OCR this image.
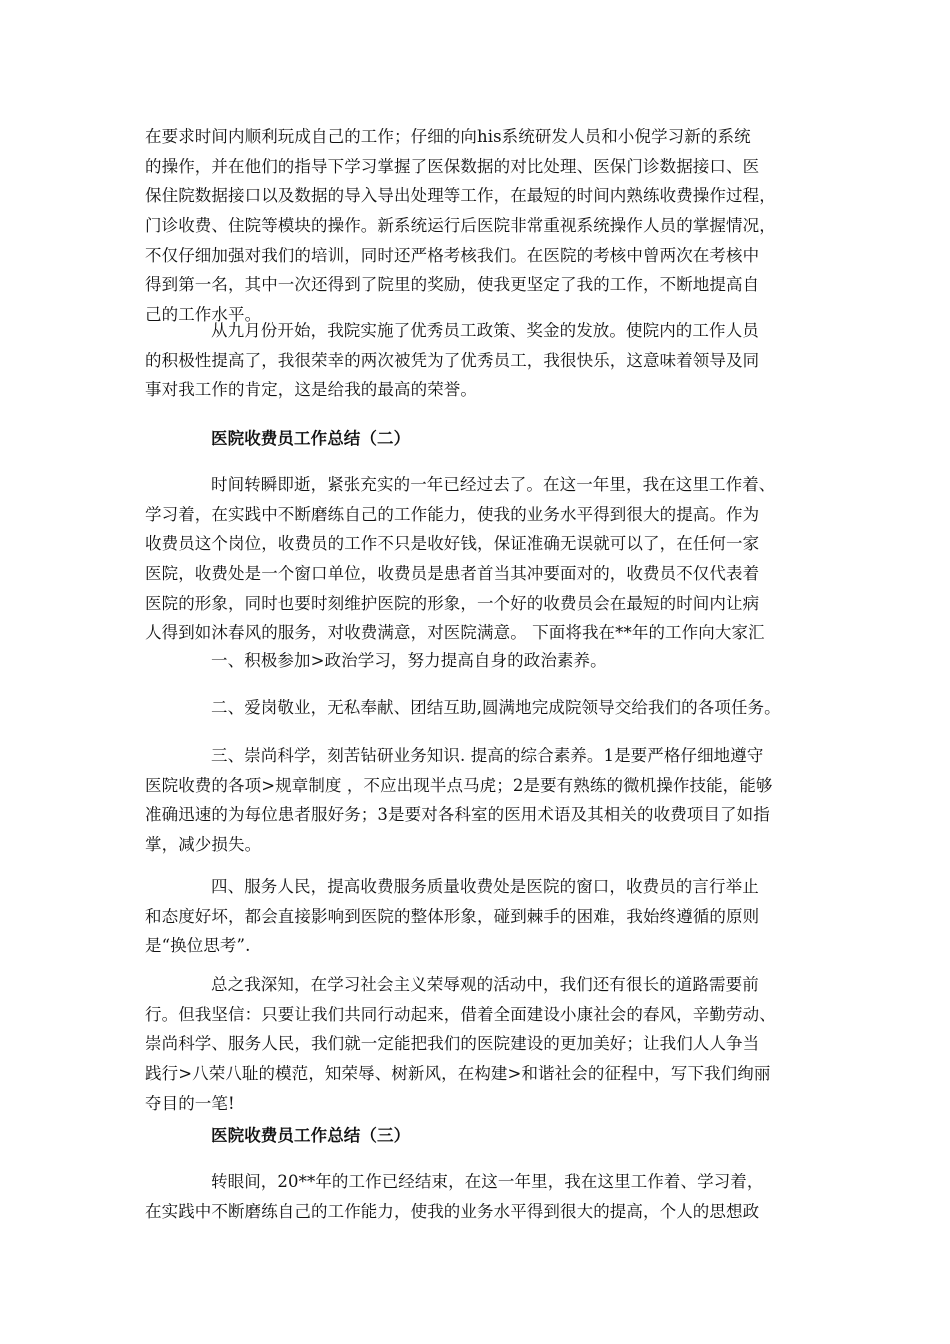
在要求时间内顺利玩成自己的工作；仔细的向his系统研发人员和小倪学习新的系统
的操作，并在他们的指导下学习掌握了医保数据的对比处理、医保门诊数据接口、医
保住院数据接口以及数据的导入导出处理等工作，在最短的时间内熟练收费操作过程，
门诊收费、住院等模块的操作。新系统运行后医院非常重视系统操作人员的掌握情况，
不仅仔细加强对我们的培训，同时还严格考核我们。在医院的考核中曾两次在考核中
得到第一名，其中一次还得到了院里的奖励，使我更坚定了我的工作，不断地提高自
己的工作水平。
从九月份开始，我院实施了优秀员工政策、奖金的发放。使院内的工作人员
的积极性提高了，我很荣幸的两次被凭为了优秀员工，我很快乐，这意味着领导及同
事对我工作的肯定，这是给我的最高的荣誉。
医院收费员工作总结（二）
时间转瞬即逝，紧张充实的一年已经过去了。在这一年里，我在这里工作着、
学习着，在实践中不断磨练自己的工作能力，使我的业务水平得到很大的提高。作为
收费员这个岗位，收费员的工作不只是收好钱，保证准确无误就可以了，在任何一家
医院，收费处是一个窗口单位，收费员是患者首当其冲要面对的，收费员不仅代表着
医院的形象，同时也要时刻维护医院的形象，一个好的收费员会在最短的时间内让病
人得到如沐春风的服务，对收费满意，对医院满意。 下面将我在**年的工作向大家汇
一、积极参加>政治学习，努力提高自身的政治素养。
二、爱岗敬业，无私奉献、团结互助,圆满地完成院领导交给我们的各项任务。
三、崇尚科学，刻苦钻研业务知识. 提高的综合素养。1是要严格仔细地遵守
医院收费的各项>规章制度 ，不应出现半点马虎；2是要有熟练的微机操作技能，能够
准确迅速的为每位患者服好务；3是要对各科室的医用术语及其相关的收费项目了如指
掌，减少损失。
四、服务人民，提高收费服务质量收费处是医院的窗口，收费员的言行举止
和态度好坏，都会直接影响到医院的整体形象，碰到棘手的困难，我始终遵循的原则
是“换位思考”.
总之我深知，在学习社会主义荣辱观的活动中，我们还有很长的道路需要前
行。但我坚信：只要让我们共同行动起来，借着全面建设小康社会的春风，辛勤劳动、
崇尚科学、服务人民，我们就一定能把我们的医院建设的更加美好；让我们人人争当
践行>八荣八耻的模范，知荣辱、树新风，在构建>和谐社会的征程中，写下我们绚丽
夺目的一笔!
医院收费员工作总结（三）
转眼间，20**年的工作已经结束，在这一年里，我在这里工作着、学习着，
在实践中不断磨练自己的工作能力，使我的业务水平得到很大的提高，个人的思想政
